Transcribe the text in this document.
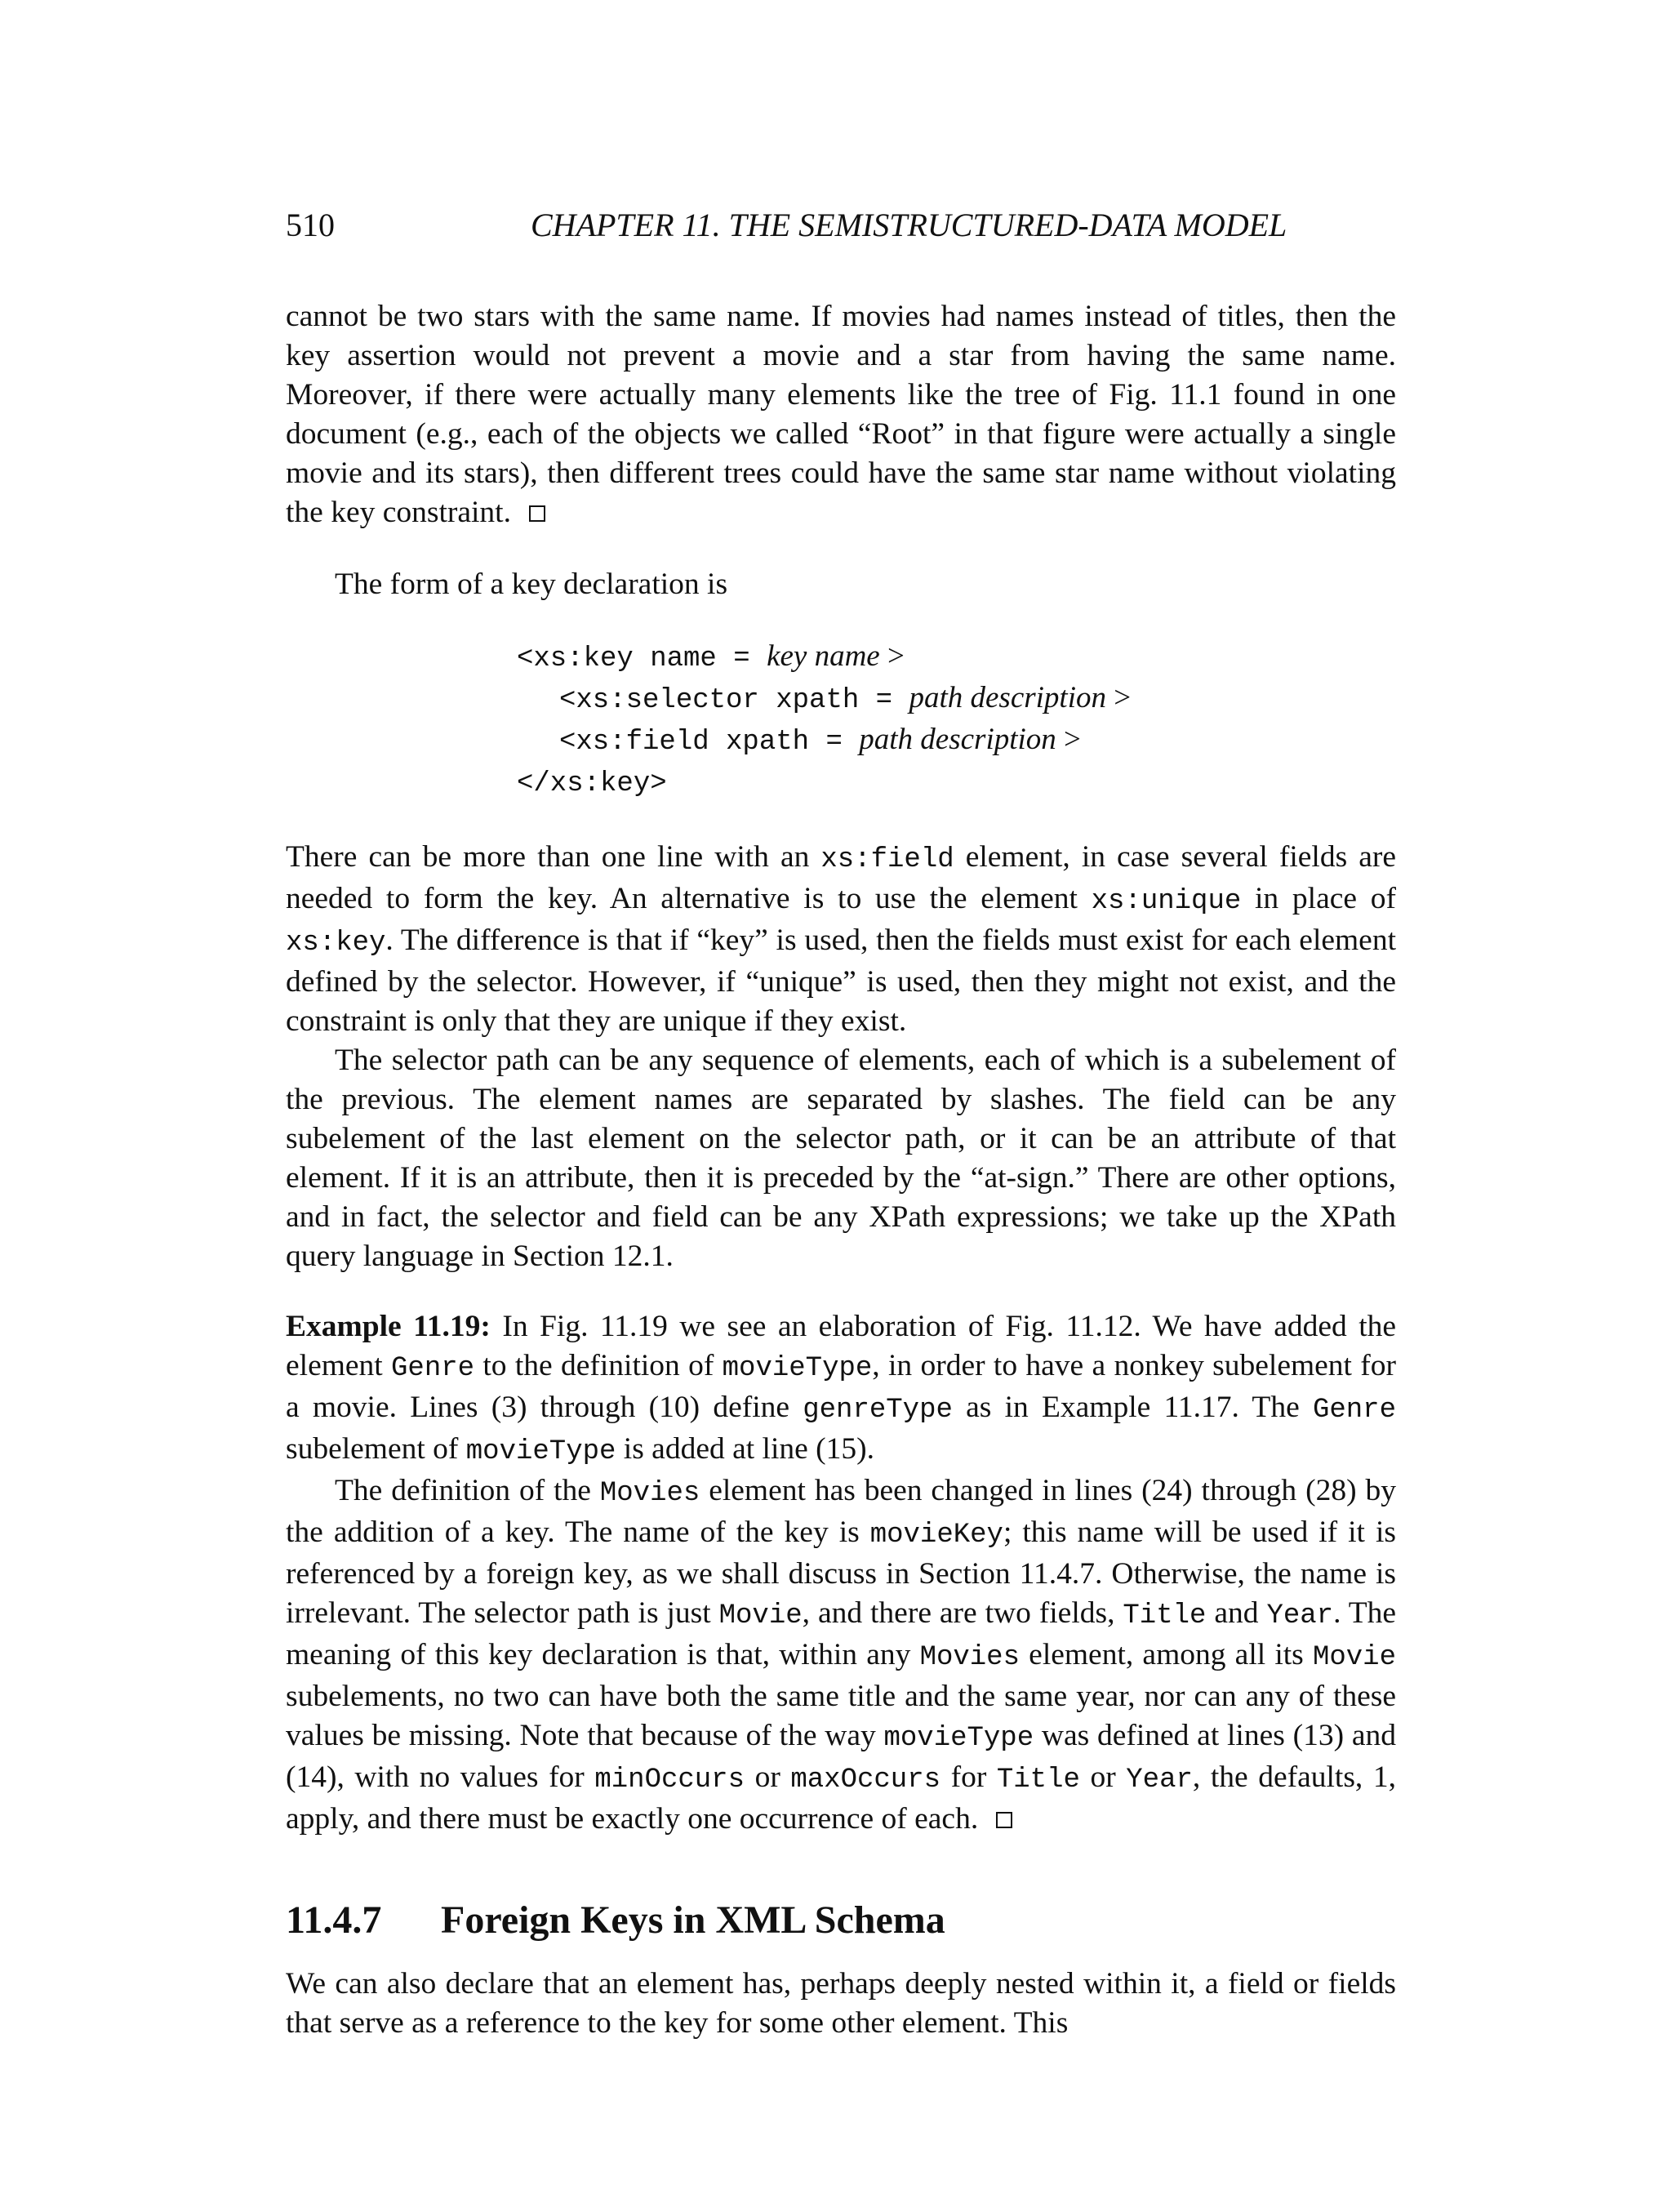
510	CHAPTER 11. THE SEMISTRUCTURED-DATA MODEL

cannot be two stars with the same name. If movies had names instead of titles, then the key assertion would not prevent a movie and a star from having the same name. Moreover, if there were actually many elements like the tree of Fig. 11.1 found in one document (e.g., each of the objects we called “Root” in that figure were actually a single movie and its stars), then different trees could have the same star name without violating the key constraint.

The form of a key declaration is

<xs:key name = key name >
<xs:selector xpath = path description >
<xs:field xpath = path description >
</xs:key>

There can be more than one line with an xs:field element, in case several fields are needed to form the key. An alternative is to use the element xs:unique in place of xs:key. The difference is that if “key” is used, then the fields must exist for each element defined by the selector. However, if “unique” is used, then they might not exist, and the constraint is only that they are unique if they exist.

The selector path can be any sequence of elements, each of which is a subelement of the previous. The element names are separated by slashes. The field can be any subelement of the last element on the selector path, or it can be an attribute of that element. If it is an attribute, then it is preceded by the “at-sign.” There are other options, and in fact, the selector and field can be any XPath expressions; we take up the XPath query language in Section 12.1.

Example 11.19: In Fig. 11.19 we see an elaboration of Fig. 11.12. We have added the element Genre to the definition of movieType, in order to have a nonkey subelement for a movie. Lines (3) through (10) define genreType as in Example 11.17. The Genre subelement of movieType is added at line (15).

The definition of the Movies element has been changed in lines (24) through (28) by the addition of a key. The name of the key is movieKey; this name will be used if it is referenced by a foreign key, as we shall discuss in Section 11.4.7. Otherwise, the name is irrelevant. The selector path is just Movie, and there are two fields, Title and Year. The meaning of this key declaration is that, within any Movies element, among all its Movie subelements, no two can have both the same title and the same year, nor can any of these values be missing. Note that because of the way movieType was defined at lines (13) and (14), with no values for minOccurs or maxOccurs for Title or Year, the defaults, 1, apply, and there must be exactly one occurrence of each.

11.4.7 Foreign Keys in XML Schema

We can also declare that an element has, perhaps deeply nested within it, a field or fields that serve as a reference to the key for some other element. This
